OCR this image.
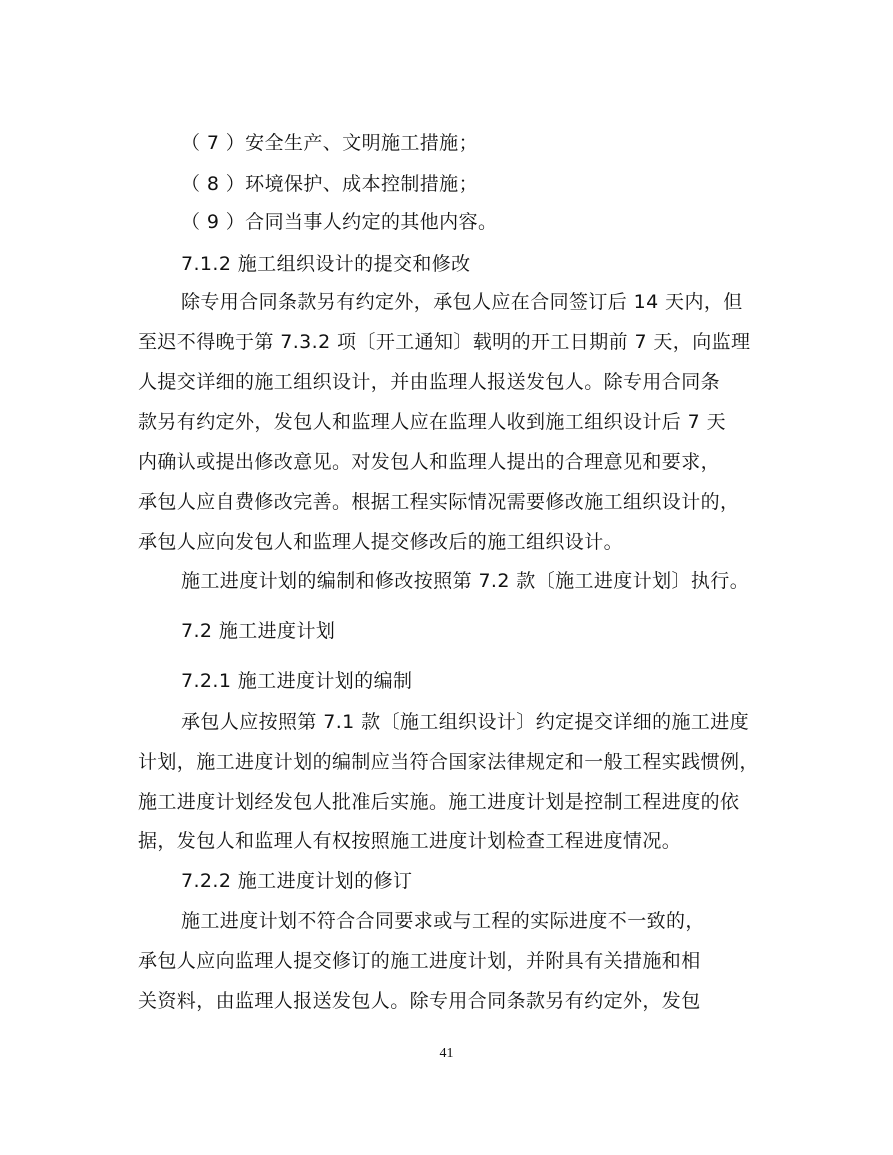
（ 7 ）安全生产、文明施工措施；
（ 8 ）环境保护、成本控制措施；
（ 9 ）合同当事人约定的其他内容。
7.1.2 施工组织设计的提交和修改
除专用合同条款另有约定外，承包人应在合同签订后 14 天内，但
至迟不得晚于第 7.3.2 项〔开工通知〕载明的开工日期前 7 天，向监理
人提交详细的施工组织设计，并由监理人报送发包人。除专用合同条
款另有约定外，发包人和监理人应在监理人收到施工组织设计后 7 天
内确认或提出修改意见。对发包人和监理人提出的合理意见和要求，
承包人应自费修改完善。根据工程实际情况需要修改施工组织设计的，
承包人应向发包人和监理人提交修改后的施工组织设计。
施工进度计划的编制和修改按照第 7.2 款〔施工进度计划〕执行。
7.2 施工进度计划
7.2.1 施工进度计划的编制
承包人应按照第 7.1 款〔施工组织设计〕约定提交详细的施工进度
计划，施工进度计划的编制应当符合国家法律规定和一般工程实践惯例，
施工进度计划经发包人批准后实施。施工进度计划是控制工程进度的依
据，发包人和监理人有权按照施工进度计划检查工程进度情况。
7.2.2 施工进度计划的修订
施工进度计划不符合合同要求或与工程的实际进度不一致的，
承包人应向监理人提交修订的施工进度计划，并附具有关措施和相
关资料，由监理人报送发包人。除专用合同条款另有约定外，发包
41
